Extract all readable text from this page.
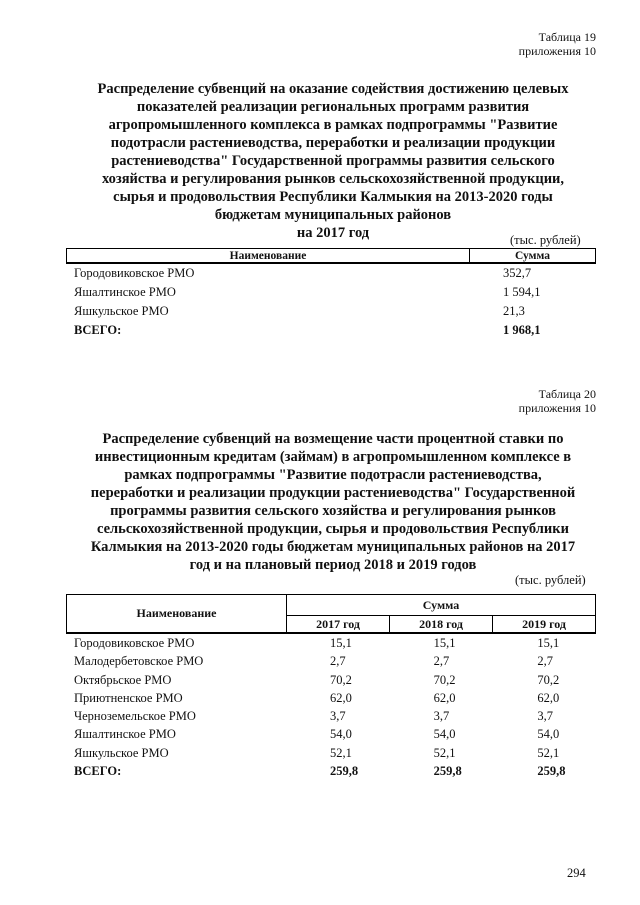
Таблица 19
приложения 10
Распределение субвенций на оказание содействия достижению целевых
показателей реализации региональных программ развития
агропромышленного комплекса в рамках подпрограммы "Развитие
подотрасли растениеводства, переработки и реализации продукции
растениеводства" Государственной программы развития сельского
хозяйства и регулирования рынков сельскохозяйственной продукции,
сырья и продовольствия Республики Калмыкия на 2013-2020 годы
бюджетам муниципальных районов
на 2017 год	(тыс. рублей)
Наименование	Сумма
Городовиковское РМО	352,7
Яшалтинское РМО	1 594,1
Яшкульское РМО	21,3
ВСЕГО:	1 968,1
Таблица 20
приложения 10
Распределение субвенций на возмещение части процентной ставки по
инвестиционным кредитам (займам) в агропромышленном комплексе в
рамках подпрограммы "Развитие подотрасли растениеводства,
переработки и реализации продукции растениеводства" Государственной
программы развития сельского хозяйства и регулирования рынков
сельскохозяйственной продукции, сырья и продовольствия Республики
Калмыкия на 2013-2020 годы бюджетам муниципальных районов на 2017
год и на плановый период 2018 и 2019 годов
(тыс. рублей)
Наименование
Сумма
2017 год	2018 год	2019 год
Городовиковское РМО	15,1	15,1	15,1
Малодербетовское РМО	2,7	2,7	2,7
Октябрьское РМО	70,2	70,2	70,2
Приютненское РМО	62,0	62,0	62,0
Черноземельское РМО	3,7	3,7	3,7
Яшалтинское РМО	54,0	54,0	54,0
Яшкульское РМО	52,1	52,1	52,1
ВСЕГО:	259,8	259,8	259,8
294
